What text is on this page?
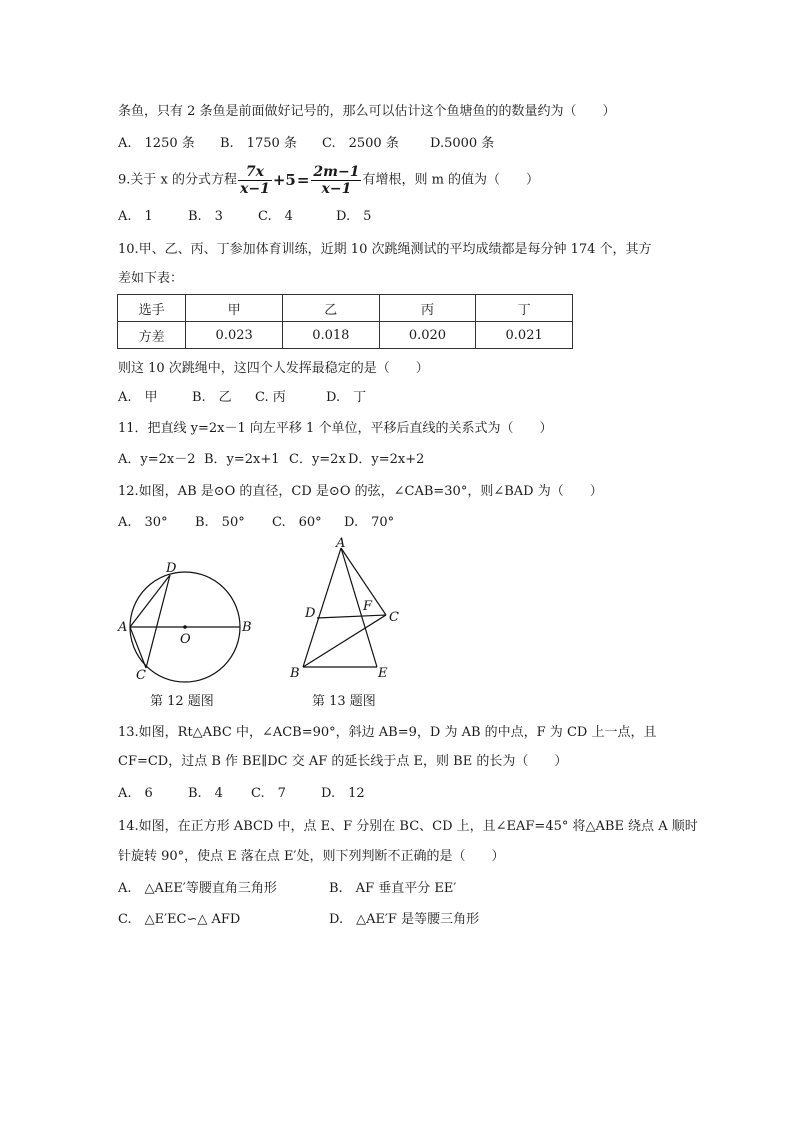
条鱼，只有 2 条鱼是前面做好记号的，那么可以估计这个鱼塘鱼的的数量约为（　　）
A.　1250 条 B.　1750 条 C.　2500 条 D.5000 条
9.关于 x 的分式方程 $\frac{7x}{x-1} +5= \frac{2m-1}{x-1}$ 有增根，则 m 的值为（　　）
A.　1	B.　3	C.　4	D.　5
10.甲、乙、丙、丁参加体育训练，近期 10 次跳绳测试的平均成绩都是每分钟 174 个，其方
差如下表：
选手	甲	乙	丙	丁
方差	0.023	0.018	0.020	0.021
则这 10 次跳绳中，这四个人发挥最稳定的是（　　）
A.　甲	B.　乙 C. 丙	D.　丁
11．把直线 y=2x－1 向左平移 1 个单位，平移后直线的关系式为（　　）
A．y=2x－2 B．y=2x+1 C．y=2x D．y=2x+2
12.如图，AB 是⊙O 的直径，CD 是⊙O 的弦，∠CAB=30°，则∠BAD 为（　　）
A.　30° B.　50° C.　60° D.　70°
D
A
O
B
C
第 12 题图
A
D	F
C
B	E
第 13 题图
13.如图，Rt△ABC 中，∠ACB=90°，斜边 AB=9，D 为 AB 的中点，F 为 CD 上一点，且
CF=CD，过点 B 作 BE∥DC 交 AF 的延长线于点 E，则 BE 的长为（　　）
A.　6	B.　4 C.　7	D.　12
14.如图，在正方形 ABCD 中，点 E、F 分别在 BC、CD 上，且∠EAF=45° 将△ABE 绕点 A 顺时
针旋转 90°，使点 E 落在点 E′处，则下列判断不正确的是（　　）
A.　△AEE′等腰直角三角形	B.　AF 垂直平分 EE′
C.　△E′EC∽△ AFD	D.　△AE′F 是等腰三角形
